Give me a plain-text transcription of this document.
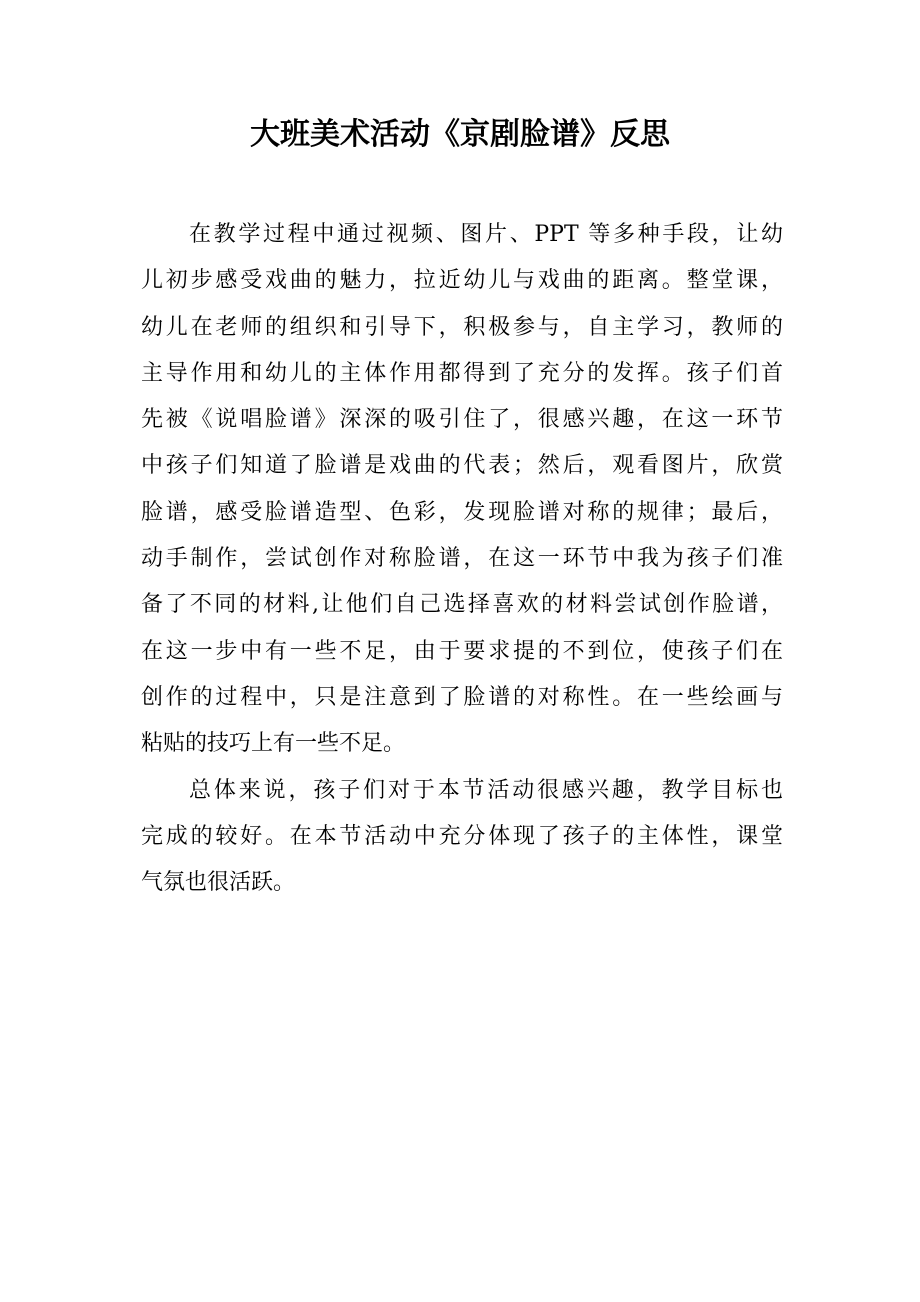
大班美术活动《京剧脸谱》反思
在教学过程中通过视频、图片、PPT 等多种手段，让幼
儿初步感受戏曲的魅力，拉近幼儿与戏曲的距离。整堂课，
幼儿在老师的组织和引导下，积极参与，自主学习，教师的
主导作用和幼儿的主体作用都得到了充分的发挥。孩子们首
先被《说唱脸谱》深深的吸引住了，很感兴趣，在这一环节
中孩子们知道了脸谱是戏曲的代表；然后，观看图片，欣赏
脸谱，感受脸谱造型、色彩，发现脸谱对称的规律；最后，
动手制作，尝试创作对称脸谱，在这一环节中我为孩子们准
备了不同的材料,让他们自己选择喜欢的材料尝试创作脸谱，
在这一步中有一些不足，由于要求提的不到位，使孩子们在
创作的过程中，只是注意到了脸谱的对称性。在一些绘画与
粘贴的技巧上有一些不足。
总体来说，孩子们对于本节活动很感兴趣，教学目标也
完成的较好。在本节活动中充分体现了孩子的主体性，课堂
气氛也很活跃。
